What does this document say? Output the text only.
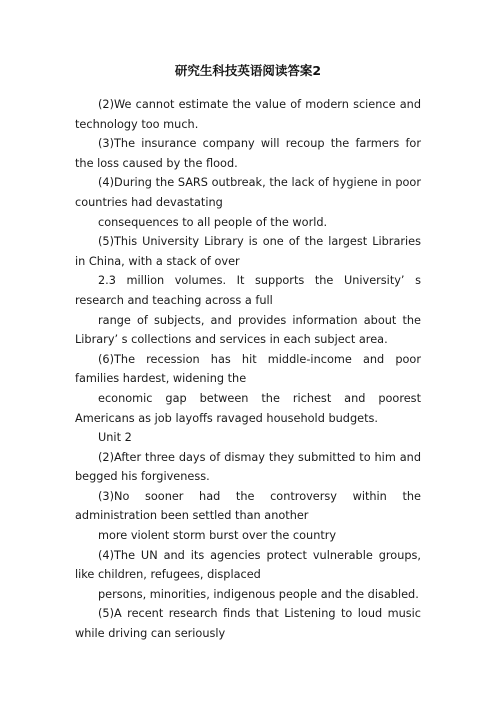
研究生科技英语阅读答案2

(2)We cannot estimate the value of modern science and technology too much.

(3)The insurance company will recoup the farmers for the loss caused by the flood.

(4)During the SARS outbreak, the lack of hygiene in poor countries had devastating

consequences to all people of the world.

(5)This University Library is one of the largest Libraries in China, with a stack of over

2.3 million volumes. It supports the University’ s research and teaching across a full

range of subjects, and provides information about the Library’ s collections and services in each subject area.

(6)The recession has hit middle-income and poor families hardest, widening the

economic gap between the richest and poorest Americans as job layoffs ravaged household budgets.

Unit 2

(2)After three days of dismay they submitted to him and begged his forgiveness.

(3)No sooner had the controversy within the administration been settled than another

more violent storm burst over the country

(4)The UN and its agencies protect vulnerable groups, like children, refugees, displaced

persons, minorities, indigenous people and the disabled.

(5)A recent research finds that Listening to loud music while driving can seriously
